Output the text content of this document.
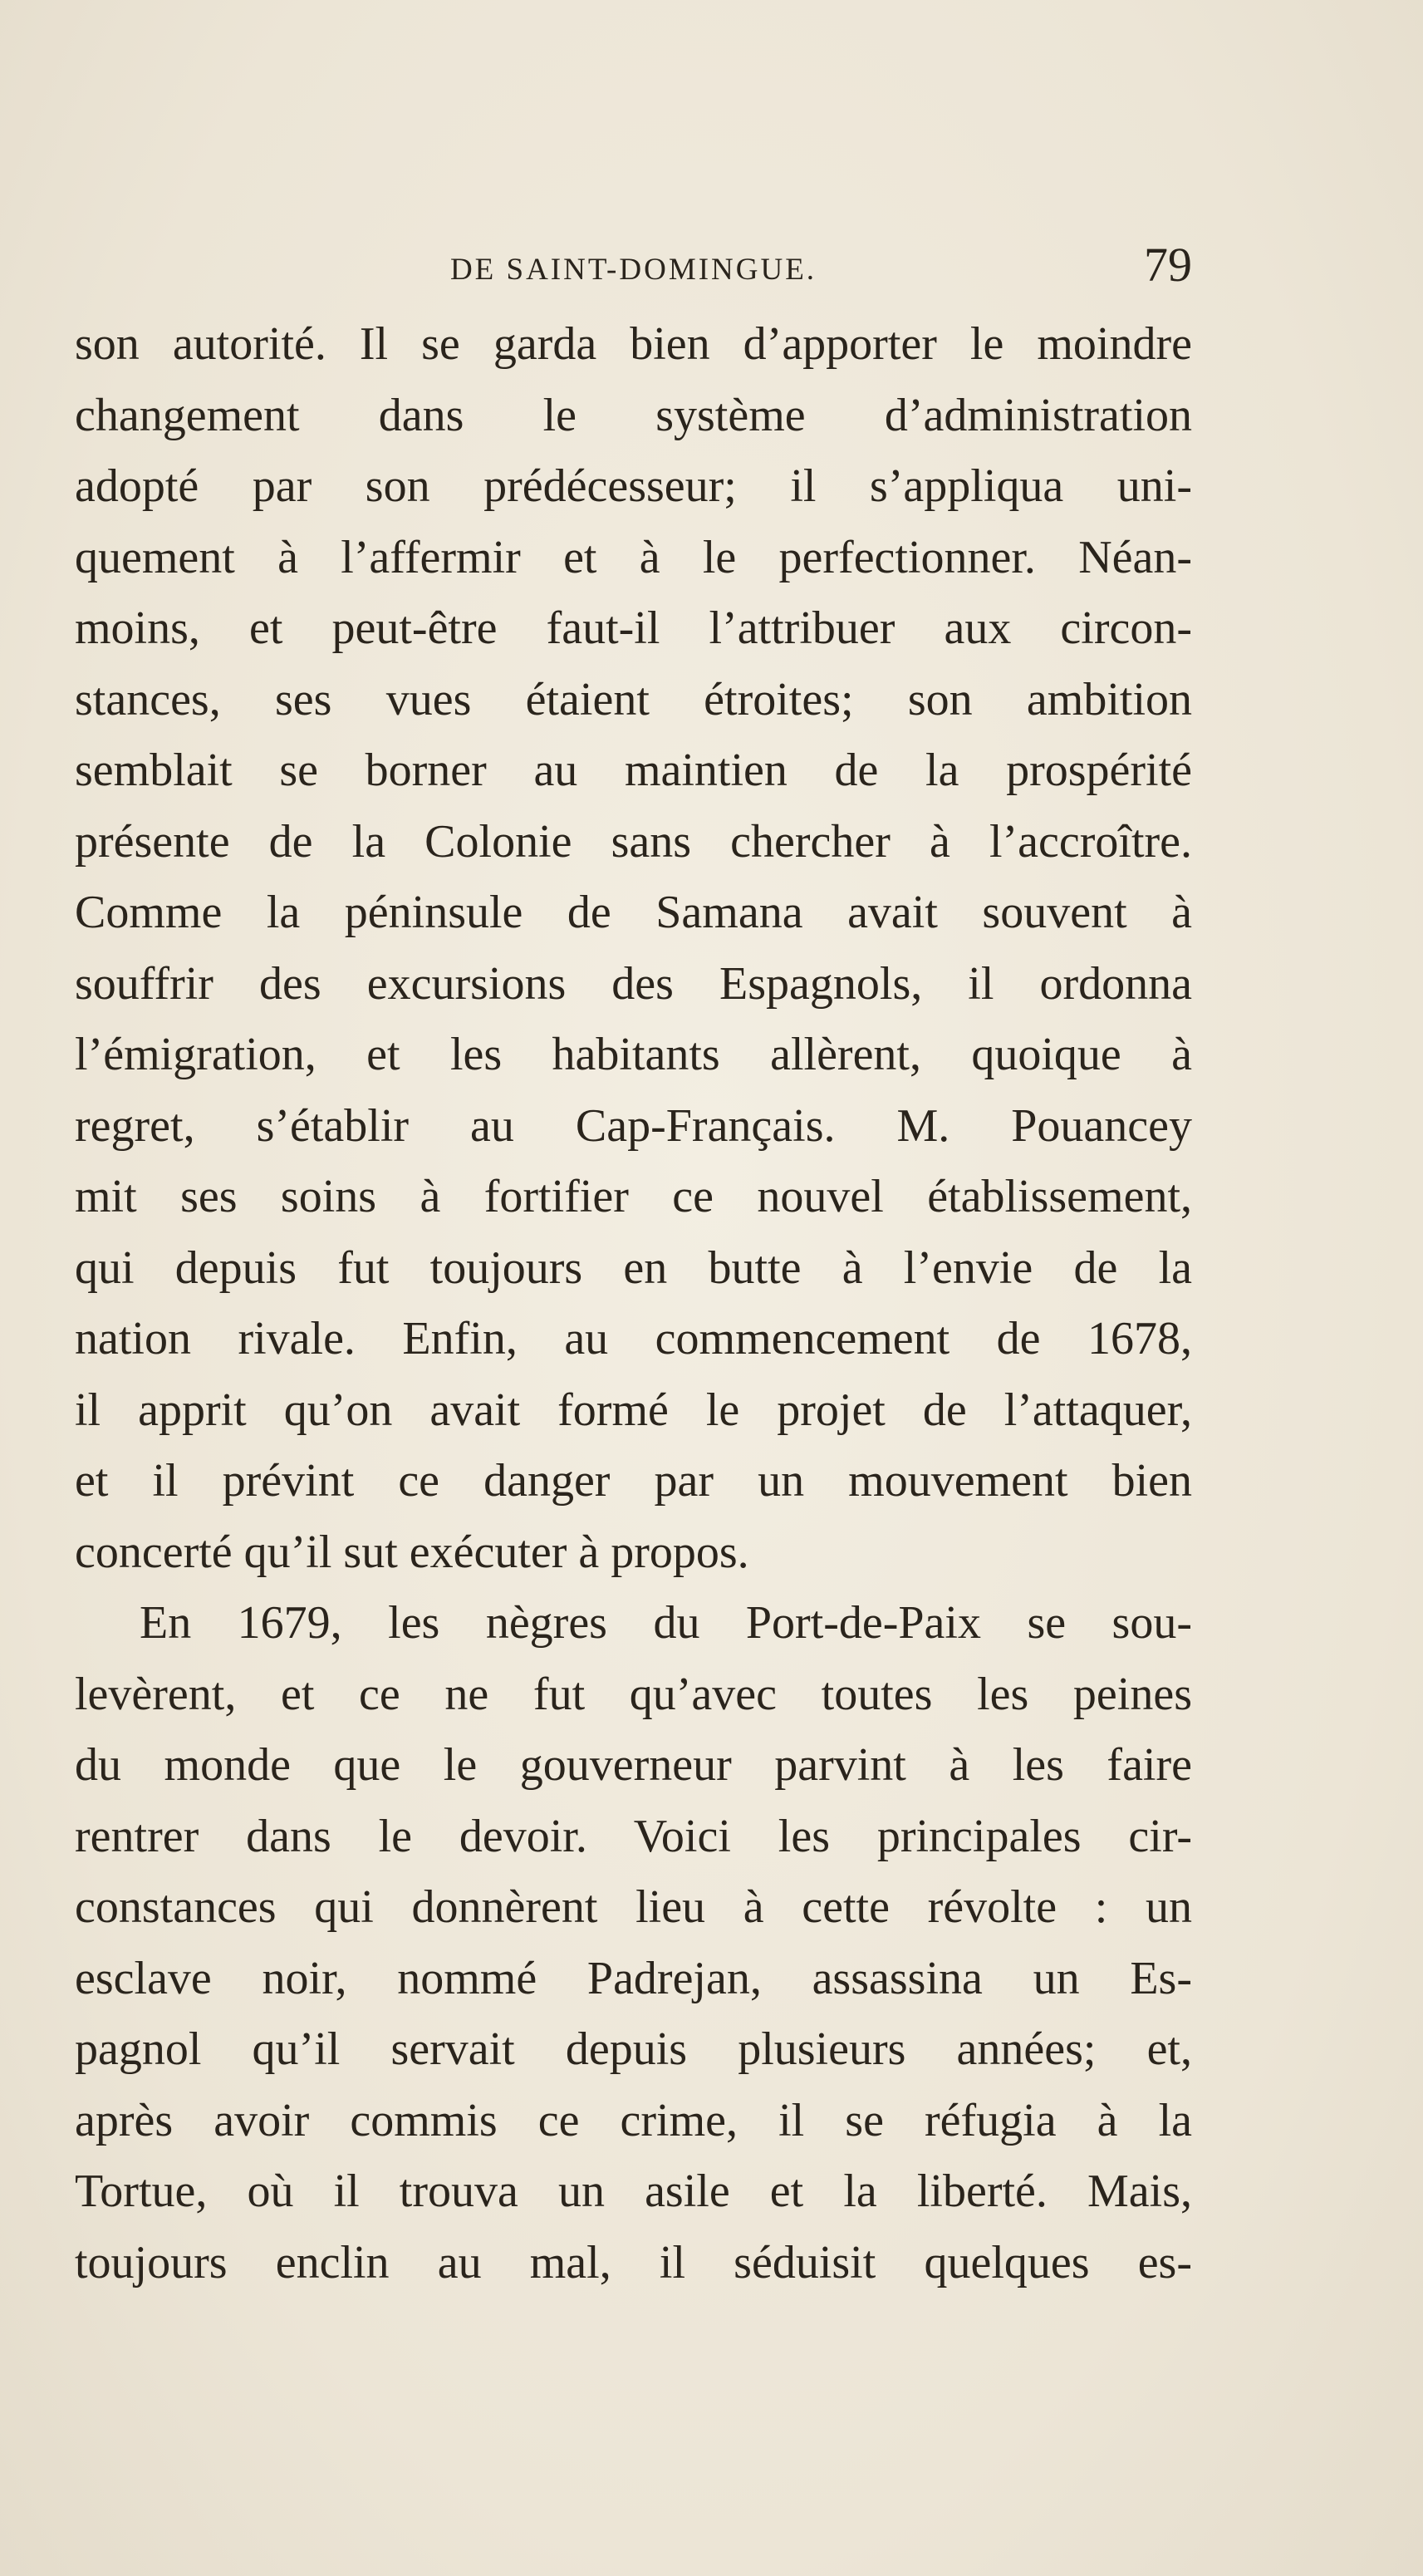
DE SAINT-DOMINGUE.	79
son autorité. Il se garda bien d’apporter le moindre
changement dans le système d’administration
adopté par son prédécesseur; il s’appliqua uni-
quement à l’affermir et à le perfectionner. Néan-
moins, et peut-être faut-il l’attribuer aux circon-
stances, ses vues étaient étroites; son ambition
semblait se borner au maintien de la prospérité
présente de la Colonie sans chercher à l’accroître.
Comme la péninsule de Samana avait souvent à
souffrir des excursions des Espagnols, il ordonna
l’émigration, et les habitants allèrent, quoique à
regret, s’établir au Cap-Français. M. Pouancey
mit ses soins à fortifier ce nouvel établissement,
qui depuis fut toujours en butte à l’envie de la
nation rivale. Enfin, au commencement de 1678,
il apprit qu’on avait formé le projet de l’attaquer,
et il prévint ce danger par un mouvement bien
concerté qu’il sut exécuter à propos.
En 1679, les nègres du Port-de-Paix se sou-
levèrent, et ce ne fut qu’avec toutes les peines
du monde que le gouverneur parvint à les faire
rentrer dans le devoir. Voici les principales cir-
constances qui donnèrent lieu à cette révolte : un
esclave noir, nommé Padrejan, assassina un Es-
pagnol qu’il servait depuis plusieurs années; et,
après avoir commis ce crime, il se réfugia à la
Tortue, où il trouva un asile et la liberté. Mais,
toujours enclin au mal, il séduisit quelques es-
